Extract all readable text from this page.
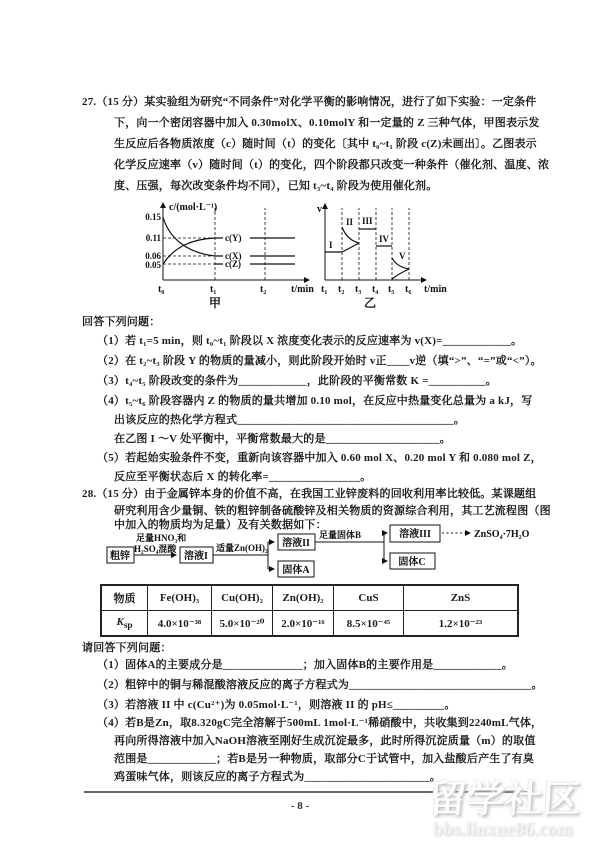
27.（15 分）某实验组为研究“不同条件”对化学平衡的影响情况，进行了如下实验：一定条件
下，向一个密闭容器中加入 0.30molX、0.10molY 和一定量的 Z 三种气体，甲图表示发
生反应后各物质浓度（c）随时间（t）的变化〔其中 t₀~t₁ 阶段 c(Z)未画出〕。乙图表示
化学反应速率（v）随时间（t）的变化，四个阶段都只改变一种条件（催化剂、温度、浓
度、压强，每次改变条件均不同），已知 t₃~t₄ 阶段为使用催化剂。
c/(mol·L⁻¹)
0.15
0.11
0.06
0.05
c(Y)
c(X)
c(Z)
t₀	t₁	t₂ t/min
甲
v
I
II III
IV
V
t₁ t₂ t₃ t₄ t₅ t₆ t/min
乙
回答下列问题：
（1）若 t₁=5 min，则 t₀~t₁ 阶段以 X 浓度变化表示的反应速率为 v(X)=____________。
（2）在 t₂~t₃ 阶段 Y 的物质的量减小，则此阶段开始时 v正____v逆（填“>”、“=”或“<”）。
（3）t₄~t₅ 阶段改变的条件为____________，此阶段的平衡常数 K =__________。
（4）t₅~t₆ 阶段容器内 Z 的物质的量共增加 0.10 mol，在反应中热量变化总量为 a kJ，写
出该反应的热化学方程式______________________________________。
在乙图 I ～V 处平衡中，平衡常数最大的是____________________。
（5）若起始实验条件不变，重新向该容器中加入 0.60 mol X、0.20 mol Y 和 0.080 mol Z，
反应至平衡状态后 X 的转化率=________________。
28.（15 分）由于金属锌本身的价值不高，在我国工业锌废料的回收利用率比较低。某课题组
研究利用含少量铜、铁的粗锌制备硫酸锌及相关物质的资源综合利用，其工艺流程图（图
中加入的物质均为足量）及有关数据如下：
粗锌
足量HNO₃和
H₂SO₄混酸
溶液I
适量Zn(OH)₂ 溶液II
固体A
足量固体B	溶液III
固体C
ZnSO₄·7H₂O
物质	Fe(OH)₃	Cu(OH)₂	Zn(OH)₂	CuS	ZnS
$K_{sp}$	4.0×10⁻³⁸	5.0×10⁻²⁰	2.0×10⁻¹⁶	8.5×10⁻⁴⁵	1.2×10⁻²³
请回答下列问题：
（1）固体A的主要成分是______________；加入固体B的主要作用是____________。
（2）粗锌中的铜与稀混酸溶液反应的离子方程式为________________________________。
（3）若溶液 II 中 c(Cu²⁺)为 0.05mol·L⁻¹，则溶液 II 的 pH≤_________。
（4）若B是Zn，取8.320gC完全溶解于500mL 1mol·L⁻¹稀硝酸中，共收集到2240mL气体，
再向所得溶液中加入NaOH溶液至刚好生成沉淀最多，此时所得沉淀质量（m）的取值
范围是____________；若B是另一种物质，取部分C于试管中，加入盐酸后产生了有臭
鸡蛋味气体，则该反应的离子方程式为______________________。
- 8 -	留学社区
bbs.liuxue86.com
